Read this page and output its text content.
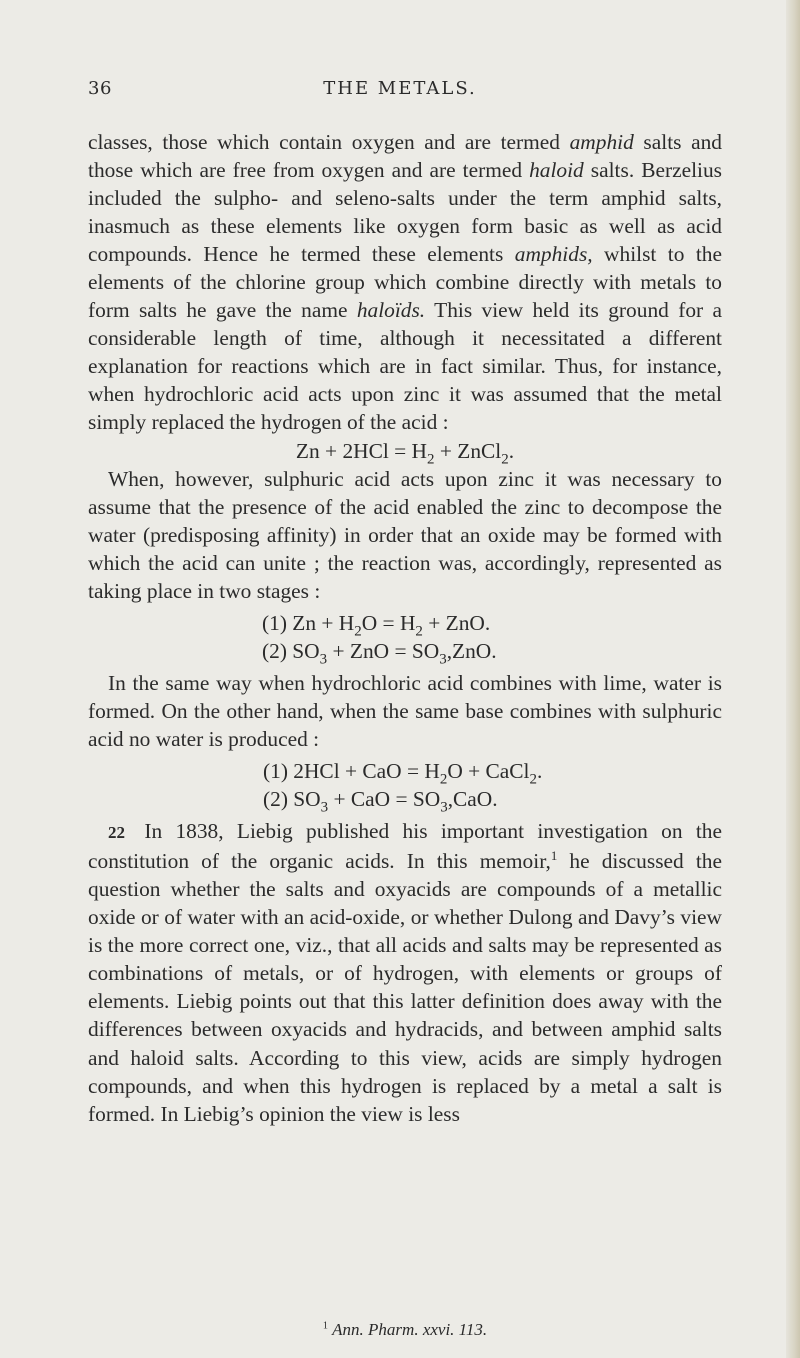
36	THE METALS.

classes, those which contain oxygen and are termed amphid salts and those which are free from oxygen and are termed haloid salts. Berzelius included the sulpho- and seleno-salts under the term amphid salts, inasmuch as these elements like oxygen form basic as well as acid compounds. Hence he termed these elements amphids, whilst to the elements of the chlorine group which combine directly with metals to form salts he gave the name haloïds. This view held its ground for a considerable length of time, although it necessitated a different explanation for reactions which are in fact similar. Thus, for instance, when hydrochloric acid acts upon zinc it was assumed that the metal simply replaced the hydrogen of the acid :

$Zn + 2HCl = H_2$ + ZnCl$_2$.

When, however, sulphuric acid acts upon zinc it was necessary to assume that the presence of the acid enabled the zinc to decompose the water (predisposing affinity) in order that an oxide may be formed with which the acid can unite ; the reaction was, accordingly, represented as taking place in two stages :

(1) $Zn + H_2O = H_2$ + ZnO.

(2) $SO_3$ + ZnO = $SO_3,ZnO$.

In the same way when hydrochloric acid combines with lime, water is formed. On the other hand, when the same base combines with sulphuric acid no water is produced :

(1) 2HCl + CaO = $H_2O$ + CaCl$_2$.

(2) $SO_3$ + CaO = $SO_3,CaO$.

22 In 1838, Liebig published his important investigation on the constitution of the organic acids. In this memoir,$^1$ he discussed the question whether the salts and oxyacids are compounds of a metallic oxide or of water with an acid-oxide, or whether Dulong and Davy’s view is the more correct one, viz., that all acids and salts may be represented as combinations of metals, or of hydrogen, with elements or groups of elements. Liebig points out that this latter definition does away with the differences between oxyacids and hydracids, and between amphid salts and haloid salts. According to this view, acids are simply hydrogen compounds, and when this hydrogen is replaced by a metal a salt is formed. In Liebig’s opinion the view is less

$^1$ Ann. Pharm. xxvi. 113.
